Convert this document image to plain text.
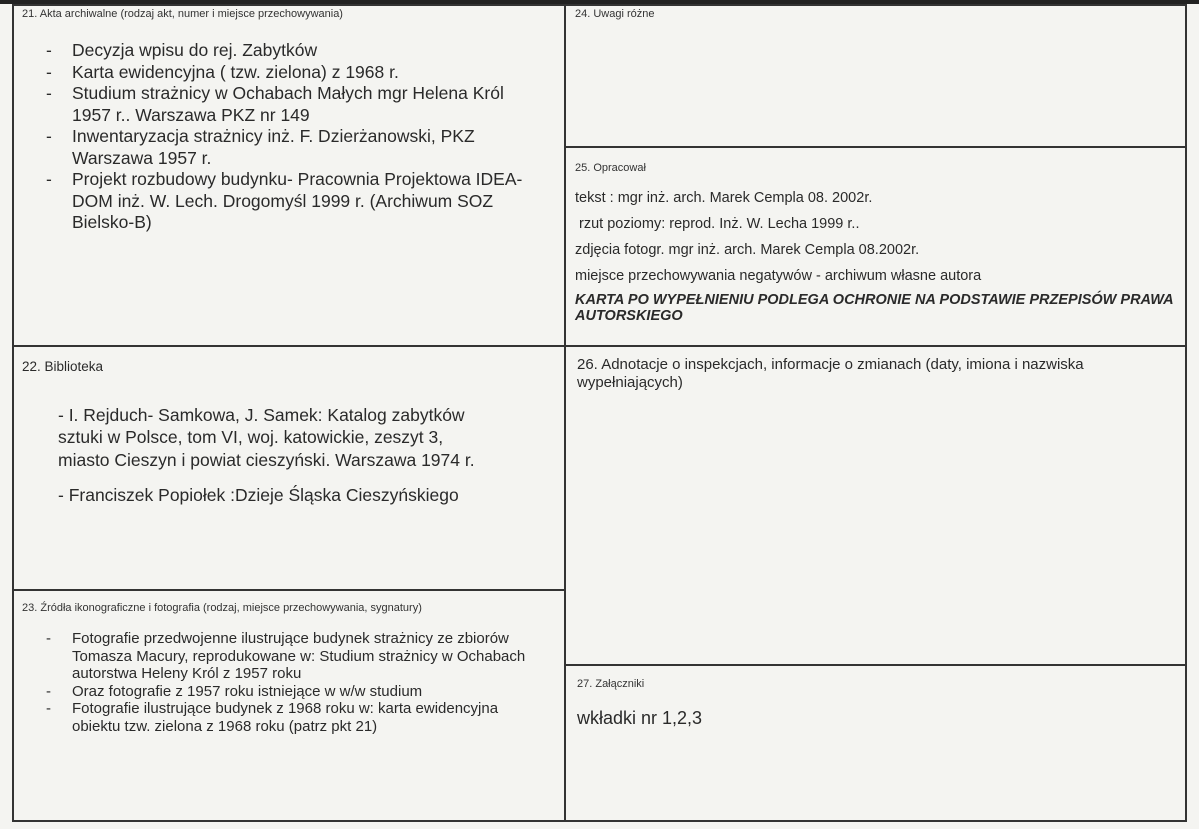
21. Akta archiwalne (rodzaj akt, numer i miejsce przechowywania)
- Decyzja wpisu do rej. Zabytków
- Karta ewidencyjna ( tzw. zielona) z 1968 r.
- Studium strażnicy w Ochabach Małych mgr Helena Król 1957 r.. Warszawa PKZ nr 149
- Inwentaryzacja strażnicy inż. F. Dzierżanowski, PKZ Warszawa 1957 r.
- Projekt rozbudowy budynku- Pracownia Projektowa IDEA-DOM inż. W. Lech. Drogomyśl 1999 r. (Archiwum SOZ Bielsko-B)
22. Biblioteka
- I. Rejduch- Samkowa, J. Samek: Katalog zabytków sztuki w Polsce, tom VI, woj. katowickie, zeszyt 3, miasto Cieszyn i powiat cieszyński. Warszawa 1974 r.
- Franciszek Popiołek :Dzieje Śląska Cieszyńskiego
23. Źródła ikonograficzne i fotografia (rodzaj, miejsce przechowywania, sygnatury)
- Fotografie przedwojenne ilustrujące budynek strażnicy ze zbiorów Tomasza Macury, reprodukowane w: Studium strażnicy w Ochabach autorstwa Heleny Król z 1957 roku
- Oraz fotografie z 1957 roku istniejące w w/w studium
- Fotografie ilustrujące budynek z 1968 roku w: karta ewidencyjna obiektu tzw. zielona z 1968 roku (patrz pkt 21)
24. Uwagi różne
25. Opracował
tekst : mgr inż. arch. Marek Cempla 08. 2002r.
rzut poziomy: reprod. Inż. W. Lecha 1999 r..
zdjęcia fotogr. mgr inż. arch. Marek Cempla 08.2002r.
miejsce przechowywania negatywów - archiwum własne autora
KARTA PO WYPEŁNIENIU PODLEGA OCHRONIE NA PODSTAWIE PRZEPISÓW PRAWA AUTORSKIEGO
26. Adnotacje o inspekcjach, informacje o zmianach (daty, imiona i nazwiska wypełniających)
27. Załączniki
wkładki nr 1,2,3
